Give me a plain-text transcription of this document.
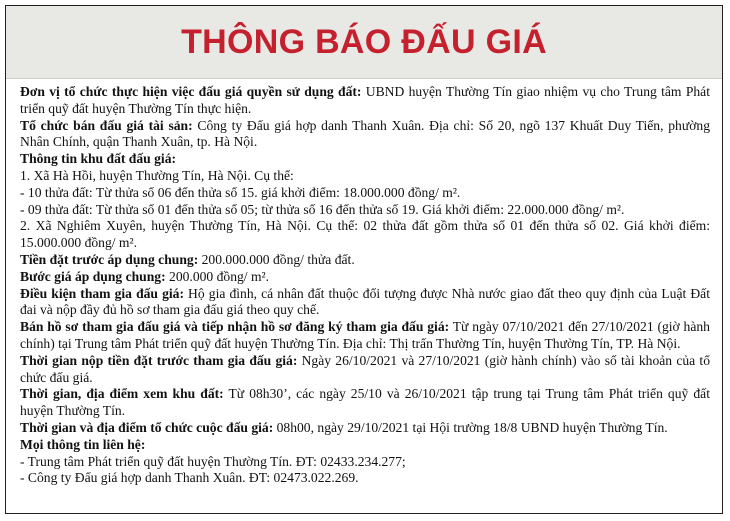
THÔNG BÁO ĐẤU GIÁ

Đơn vị tổ chức thực hiện việc đấu giá quyền sử dụng đất: UBND huyện Thường Tín giao nhiệm vụ cho Trung tâm Phát triển quỹ đất huyện Thường Tín thực hiện.

Tổ chức bán đấu giá tài sản: Công ty Đấu giá hợp danh Thanh Xuân. Địa chỉ: Số 20, ngõ 137 Khuất Duy Tiến, phường Nhân Chính, quận Thanh Xuân, tp. Hà Nội.

Thông tin khu đất đấu giá:

1. Xã Hà Hồi, huyện Thường Tín, Hà Nội. Cụ thể:

- 10 thửa đất: Từ thửa số 06 đến thửa số 15. giá khởi điểm: 18.000.000 đồng/ m².

- 09 thửa đất: Từ thửa số 01 đến thửa số 05; từ thửa số 16 đến thửa số 19. Giá khởi điểm: 22.000.000 đồng/ m².

2. Xã Nghiêm Xuyên, huyện Thường Tín, Hà Nội. Cụ thể: 02 thửa đất gồm thửa số 01 đến thửa số 02. Giá khởi điểm: 15.000.000 đồng/ m².

Tiền đặt trước áp dụng chung: 200.000.000 đồng/ thửa đất.

Bước giá áp dụng chung: 200.000 đồng/ m².

Điều kiện tham gia đấu giá: Hộ gia đình, cá nhân đất thuộc đối tượng được Nhà nước giao đất theo quy định của Luật Đất đai và nộp đầy đủ hồ sơ tham gia đấu giá theo quy chế.

Bán hồ sơ tham gia đấu giá và tiếp nhận hồ sơ đăng ký tham gia đấu giá: Từ ngày 07/10/2021 đến 27/10/2021 (giờ hành chính) tại Trung tâm Phát triển quỹ đất huyện Thường Tín. Địa chỉ: Thị trấn Thường Tín, huyện Thường Tín, TP. Hà Nội.

Thời gian nộp tiền đặt trước tham gia đấu giá: Ngày 26/10/2021 và 27/10/2021 (giờ hành chính) vào số tài khoản của tổ chức đấu giá.

Thời gian, địa điểm xem khu đất: Từ 08h30’, các ngày 25/10 và 26/10/2021 tập trung tại Trung tâm Phát triển quỹ đất huyện Thường Tín.

Thời gian và địa điểm tổ chức cuộc đấu giá: 08h00, ngày 29/10/2021 tại Hội trường 18/8 UBND huyện Thường Tín.

Mọi thông tin liên hệ:

- Trung tâm Phát triển quỹ đất huyện Thường Tín. ĐT: 02433.234.277;

- Công ty Đấu giá hợp danh Thanh Xuân. ĐT: 02473.022.269.
